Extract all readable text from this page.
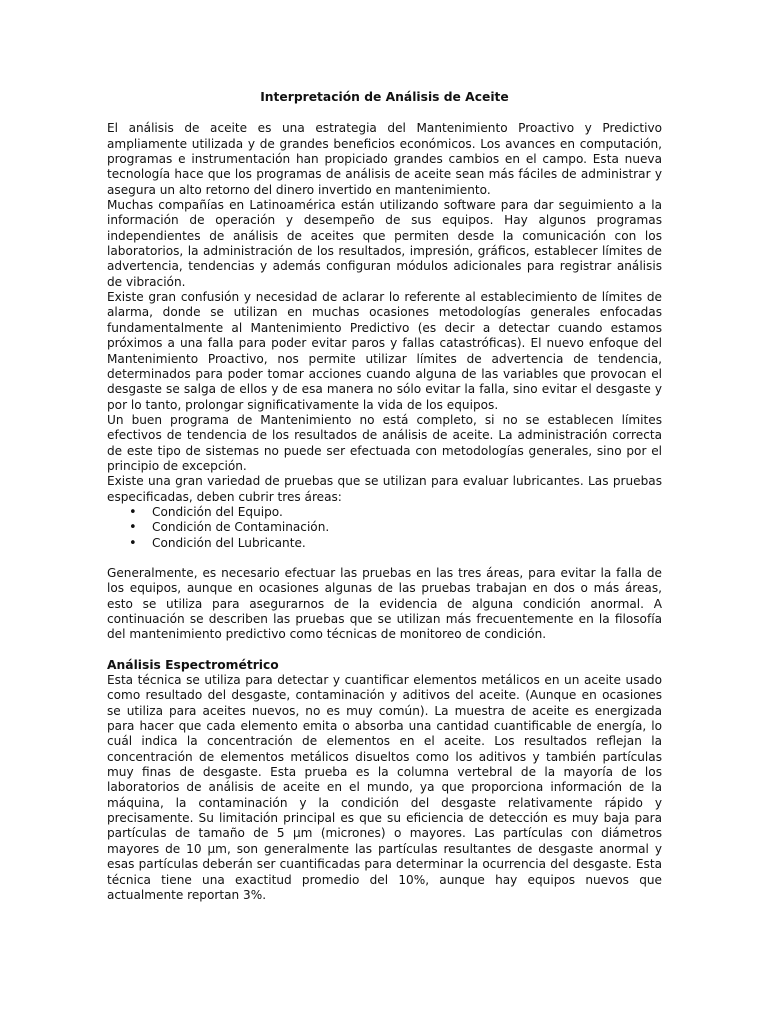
Interpretación de Análisis de Aceite

El análisis de aceite es una estrategia del Mantenimiento Proactivo y Predictivo ampliamente utilizada y de grandes beneficios económicos. Los avances en computación, programas e instrumentación han propiciado grandes cambios en el campo. Esta nueva tecnología hace que los programas de análisis de aceite sean más fáciles de administrar y asegura un alto retorno del dinero invertido en mantenimiento.

Muchas compañías en Latinoamérica están utilizando software para dar seguimiento a la información de operación y desempeño de sus equipos. Hay algunos programas independientes de análisis de aceites que permiten desde la comunicación con los laboratorios, la administración de los resultados, impresión, gráficos, establecer límites de advertencia, tendencias y además configuran módulos adicionales para registrar análisis de vibración.

Existe gran confusión y necesidad de aclarar lo referente al establecimiento de límites de alarma, donde se utilizan en muchas ocasiones metodologías generales enfocadas fundamentalmente al Mantenimiento Predictivo (es decir a detectar cuando estamos próximos a una falla para poder evitar paros y fallas catastróficas). El nuevo enfoque del Mantenimiento Proactivo, nos permite utilizar límites de advertencia de tendencia, determinados para poder tomar acciones cuando alguna de las variables que provocan el desgaste se salga de ellos y de esa manera no sólo evitar la falla, sino evitar el desgaste y por lo tanto, prolongar significativamente la vida de los equipos.

Un buen programa de Mantenimiento no está completo, si no se establecen límites efectivos de tendencia de los resultados de análisis de aceite. La administración correcta de este tipo de sistemas no puede ser efectuada con metodologías generales, sino por el principio de excepción.

Existe una gran variedad de pruebas que se utilizan para evaluar lubricantes. Las pruebas especificadas, deben cubrir tres áreas:

• Condición del Equipo.
• Condición de Contaminación.
• Condición del Lubricante.

Generalmente, es necesario efectuar las pruebas en las tres áreas, para evitar la falla de los equipos, aunque en ocasiones algunas de las pruebas trabajan en dos o más áreas, esto se utiliza para asegurarnos de la evidencia de alguna condición anormal. A continuación se describen las pruebas que se utilizan más frecuentemente en la filosofía del mantenimiento predictivo como técnicas de monitoreo de condición.

Análisis Espectrométrico

Esta técnica se utiliza para detectar y cuantificar elementos metálicos en un aceite usado como resultado del desgaste, contaminación y aditivos del aceite. (Aunque en ocasiones se utiliza para aceites nuevos, no es muy común). La muestra de aceite es energizada para hacer que cada elemento emita o absorba una cantidad cuantificable de energía, lo cuál indica la concentración de elementos en el aceite. Los resultados reflejan la concentración de elementos metálicos disueltos como los aditivos y también partículas muy finas de desgaste. Esta prueba es la columna vertebral de la mayoría de los laboratorios de análisis de aceite en el mundo, ya que proporciona información de la máquina, la contaminación y la condición del desgaste relativamente rápido y precisamente. Su limitación principal es que su eficiencia de detección es muy baja para partículas de tamaño de 5 μm (micrones) o mayores. Las partículas con diámetros mayores de 10 μm, son generalmente las partículas resultantes de desgaste anormal y esas partículas deberán ser cuantificadas para determinar la ocurrencia del desgaste. Esta técnica tiene una exactitud promedio del 10%, aunque hay equipos nuevos que actualmente reportan 3%.
